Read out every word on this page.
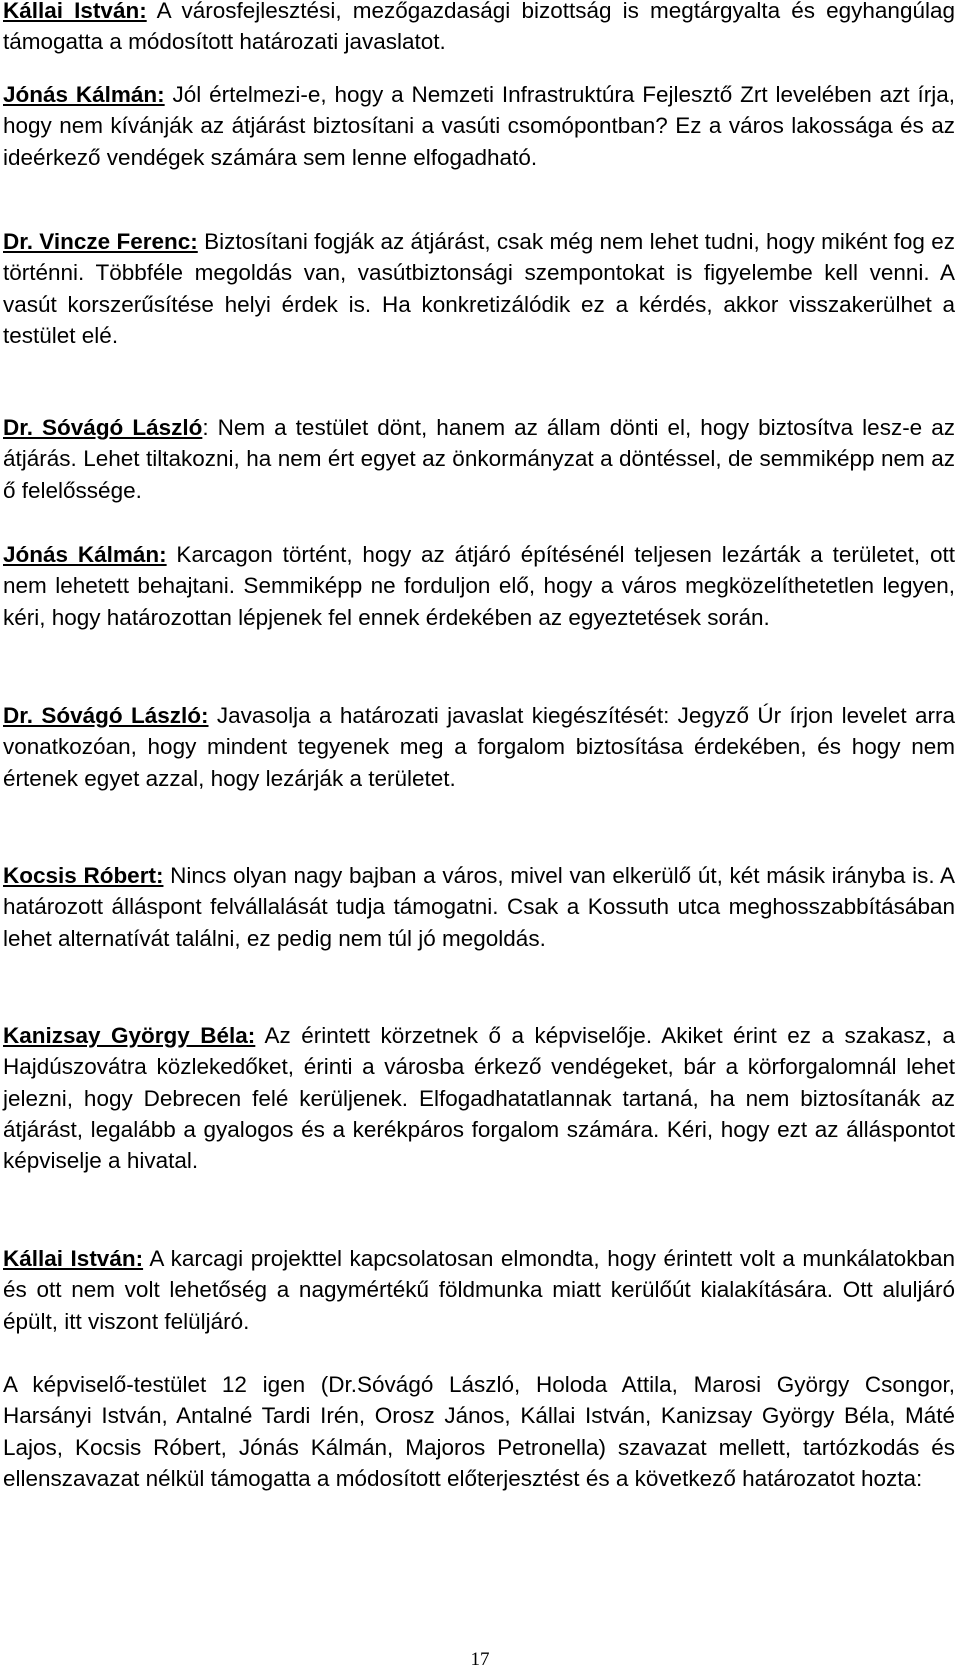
Kállai István: A városfejlesztési, mezőgazdasági bizottság is megtárgyalta és egyhangúlag támogatta a módosított határozati javaslatot.

Jónás Kálmán: Jól értelmezi-e, hogy a Nemzeti Infrastruktúra Fejlesztő Zrt levelében azt írja, hogy nem kívánják az átjárást biztosítani a vasúti csomópontban? Ez a város lakossága és az ideérkező vendégek számára sem lenne elfogadható.

Dr. Vincze Ferenc: Biztosítani fogják az átjárást, csak még nem lehet tudni, hogy miként fog ez történni. Többféle megoldás van, vasútbiztonsági szempontokat is figyelembe kell venni. A vasút korszerűsítése helyi érdek is. Ha konkretizálódik ez a kérdés, akkor visszakerülhet a testület elé.

Dr. Sóvágó László: Nem a testület dönt, hanem az állam dönti el, hogy biztosítva lesz-e az átjárás. Lehet tiltakozni, ha nem ért egyet az önkormányzat a döntéssel, de semmiképp nem az ő felelőssége.

Jónás Kálmán: Karcagon történt, hogy az átjáró építésénél teljesen lezárták a területet, ott nem lehetett behajtani. Semmiképp ne forduljon elő, hogy a város megközelíthetetlen legyen, kéri, hogy határozottan lépjenek fel ennek érdekében az egyeztetések során.

Dr. Sóvágó László: Javasolja a határozati javaslat kiegészítését: Jegyző Úr írjon levelet arra vonatkozóan, hogy mindent tegyenek meg a forgalom biztosítása érdekében, és hogy nem értenek egyet azzal, hogy lezárják a területet.

Kocsis Róbert: Nincs olyan nagy bajban a város, mivel van elkerülő út, két másik irányba is. A határozott álláspont felvállalását tudja támogatni. Csak a Kossuth utca meghosszabbításában lehet alternatívát találni, ez pedig nem túl jó megoldás.

Kanizsay György Béla: Az érintett körzetnek ő a képviselője. Akiket érint ez a szakasz, a Hajdúszovátra közlekedőket, érinti a városba érkező vendégeket, bár a körforgalomnál lehet jelezni, hogy Debrecen felé kerüljenek. Elfogadhatatlannak tartaná, ha nem biztosítanák az átjárást, legalább a gyalogos és a kerékpáros forgalom számára. Kéri, hogy ezt az álláspontot képviselje a hivatal.

Kállai István: A karcagi projekttel kapcsolatosan elmondta, hogy érintett volt a munkálatokban és ott nem volt lehetőség a nagymértékű földmunka miatt kerülőút kialakítására. Ott aluljáró épült, itt viszont felüljáró.

A képviselő-testület 12 igen (Dr.Sóvágó László, Holoda Attila, Marosi György Csongor, Harsányi István, Antalné Tardi Irén, Orosz János, Kállai István, Kanizsay György Béla, Máté Lajos, Kocsis Róbert, Jónás Kálmán, Majoros Petronella) szavazat mellett, tartózkodás és ellenszavazat nélkül támogatta a módosított előterjesztést és a következő határozatot hozta:

17
